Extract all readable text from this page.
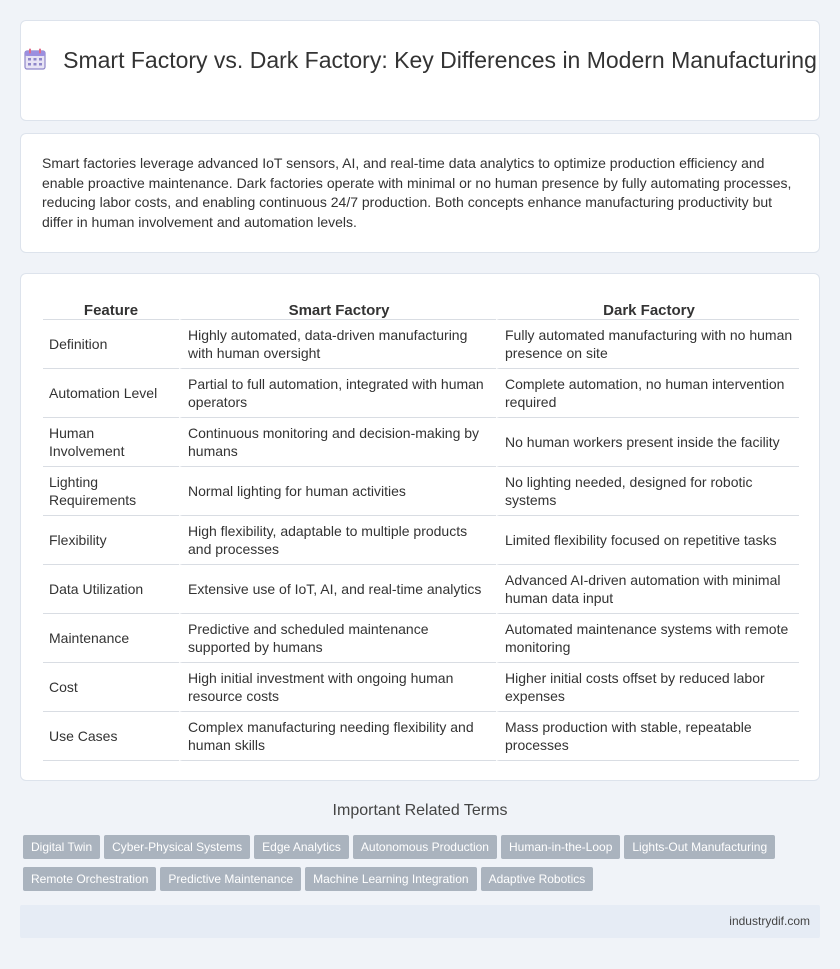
Smart Factory vs. Dark Factory: Key Differences in Modern Manufacturing

Smart factories leverage advanced IoT sensors, AI, and real-time data analytics to optimize production efficiency and enable proactive maintenance. Dark factories operate with minimal or no human presence by fully automating processes, reducing labor costs, and enabling continuous 24/7 production. Both concepts enhance manufacturing productivity but differ in human involvement and automation levels.

Feature	Smart Factory	Dark Factory
Definition	Highly automated, data-driven manufacturing with human oversight	Fully automated manufacturing with no human presence on site
Automation Level	Partial to full automation, integrated with human operators	Complete automation, no human intervention required
Human Involvement	Continuous monitoring and decision-making by humans	No human workers present inside the facility
Lighting Requirements	Normal lighting for human activities	No lighting needed, designed for robotic systems
Flexibility	High flexibility, adaptable to multiple products and processes	Limited flexibility focused on repetitive tasks
Data Utilization	Extensive use of IoT, AI, and real-time analytics	Advanced AI-driven automation with minimal human data input
Maintenance	Predictive and scheduled maintenance supported by humans	Automated maintenance systems with remote monitoring
Cost	High initial investment with ongoing human resource costs	Higher initial costs offset by reduced labor expenses
Use Cases	Complex manufacturing needing flexibility and human skills	Mass production with stable, repeatable processes
Important Related Terms
Digital Twin Cyber-Physical Systems Edge Analytics Autonomous Production Human-in-the-Loop Lights-Out Manufacturing
Remote Orchestration Predictive Maintenance Machine Learning Integration Adaptive Robotics
industrydif.com
